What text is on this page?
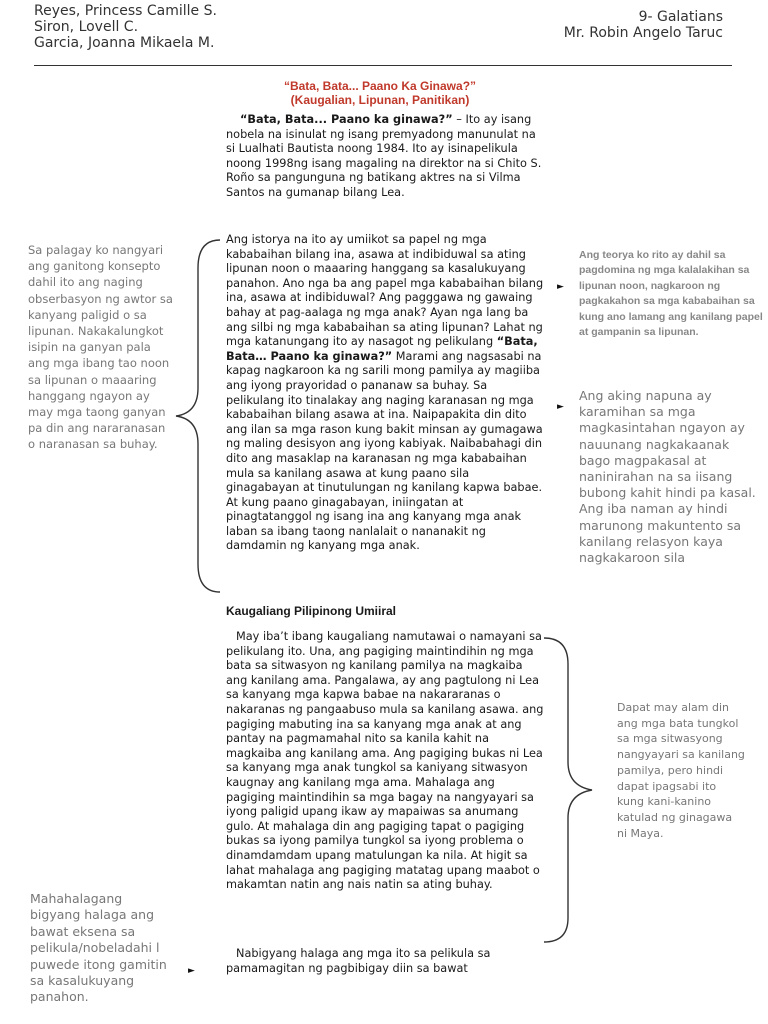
Reyes, Princess Camille S.
Siron, Lovell C.
Garcia, Joanna Mikaela M.
9- Galatians
Mr. Robin Angelo Taruc
“Bata, Bata... Paano Ka Ginawa?”
(Kaugalian, Lipunan, Panitikan)
“Bata, Bata... Paano ka ginawa?” – Ito ay isang nobela na isinulat ng isang premyadong manunulat na si Lualhati Bautista noong 1984. Ito ay isinapelikula noong 1998ng isang magaling na direktor na si Chito S. Roño sa pangunguna ng batikang aktres na si Vilma Santos na gumanap bilang Lea.
Ang istorya na ito ay umiikot sa papel ng mga kababaihan bilang ina, asawa at indibiduwal sa ating lipunan noon o maaaring hanggang sa kasalukuyang panahon. Ano nga ba ang papel mga kababaihan bilang ina, asawa at indibiduwal? Ang pagggawa ng gawaing bahay at pag-aalaga ng mga anak? Ayan nga lang ba ang silbi ng mga kababaihan sa ating lipunan? Lahat ng mga katanungang ito ay nasagot ng pelikulang “Bata, Bata… Paano ka ginawa?” Marami ang nagsasabi na kapag nagkaroon ka ng sarili mong pamilya ay magiiba ang iyong prayoridad o pananaw sa buhay. Sa pelikulang ito tinalakay ang naging karanasan ng mga kababaihan bilang asawa at ina. Naipapakita din dito ang ilan sa mga rason kung bakit minsan ay gumagawa ng maling desisyon ang iyong kabiyak. Naibabahagi din dito ang masaklap na karanasan ng mga kababaihan mula sa kanilang asawa at kung paano sila ginagabayan at tinutulungan ng kanilang kapwa babae. At kung paano ginagabayan, iniingatan at pinagtatanggol ng isang ina ang kanyang mga anak laban sa ibang taong nanlalait o nananakit ng damdamin ng kanyang mga anak.
Kaugaliang Pilipinong Umiiral
May iba’t ibang kaugaliang namutawai o namayani sa pelikulang ito. Una, ang pagiging maintindihin ng mga bata sa sitwasyon ng kanilang pamilya na magkaiba ang kanilang ama. Pangalawa, ay ang pagtulong ni Lea sa kanyang mga kapwa babae na nakararanas o nakaranas ng pangaabuso mula sa kanilang asawa. ang pagiging mabuting ina sa kanyang mga anak at ang pantay na pagmamahal nito sa kanila kahit na magkaiba ang kanilang ama. Ang pagiging bukas ni Lea sa kanyang mga anak tungkol sa kaniyang sitwasyon kaugnay ang kanilang mga ama. Mahalaga ang pagiging maintindihin sa mga bagay na nangyayari sa iyong paligid upang ikaw ay mapaiwas sa anumang gulo. At mahalaga din ang pagiging tapat o pagiging bukas sa iyong pamilya tungkol sa iyong problema o dinamdamdam upang matulungan ka nila. At higit sa lahat mahalaga ang pagiging matatag upang maabot o makamtan natin ang nais natin sa ating buhay.
Nabigyang halaga ang mga ito sa pelikula sa pamamagitan ng pagbibigay diin sa bawat
Sa palagay ko nangyari ang ganitong konsepto dahil ito ang naging obserbasyon ng awtor sa kanyang paligid o sa lipunan. Nakakalungkot isipin na ganyan pala ang mga ibang tao noon sa lipunan o maaaring hanggang ngayon ay may mga taong ganyan pa din ang nararanasan o naranasan sa buhay.
Ang teorya ko rito ay dahil sa pagdomina ng mga kalalakihan sa lipunan noon, nagkaroon ng pagkakahon sa mga kababaihan sa kung ano lamang ang kanilang papel at gampanin sa lipunan.
Ang aking napuna ay karamihan sa mga magkasintahan ngayon ay nauunang nagkakaanak bago magpakasal at naninirahan na sa iisang bubong kahit hindi pa kasal. Ang iba naman ay hindi marunong makuntento sa kanilang relasyon kaya nagkakaroon sila
Dapat may alam din ang mga bata tungkol sa mga sitwasyong nangyayari sa kanilang pamilya, pero hindi dapat ipagsabi ito kung kani-kanino katulad ng ginagawa ni Maya.
Mahahalagang bigyang halaga ang bawat eksena sa pelikula/nobeladahi l puwede itong gamitin sa kasalukuyang panahon.
►
►
►
